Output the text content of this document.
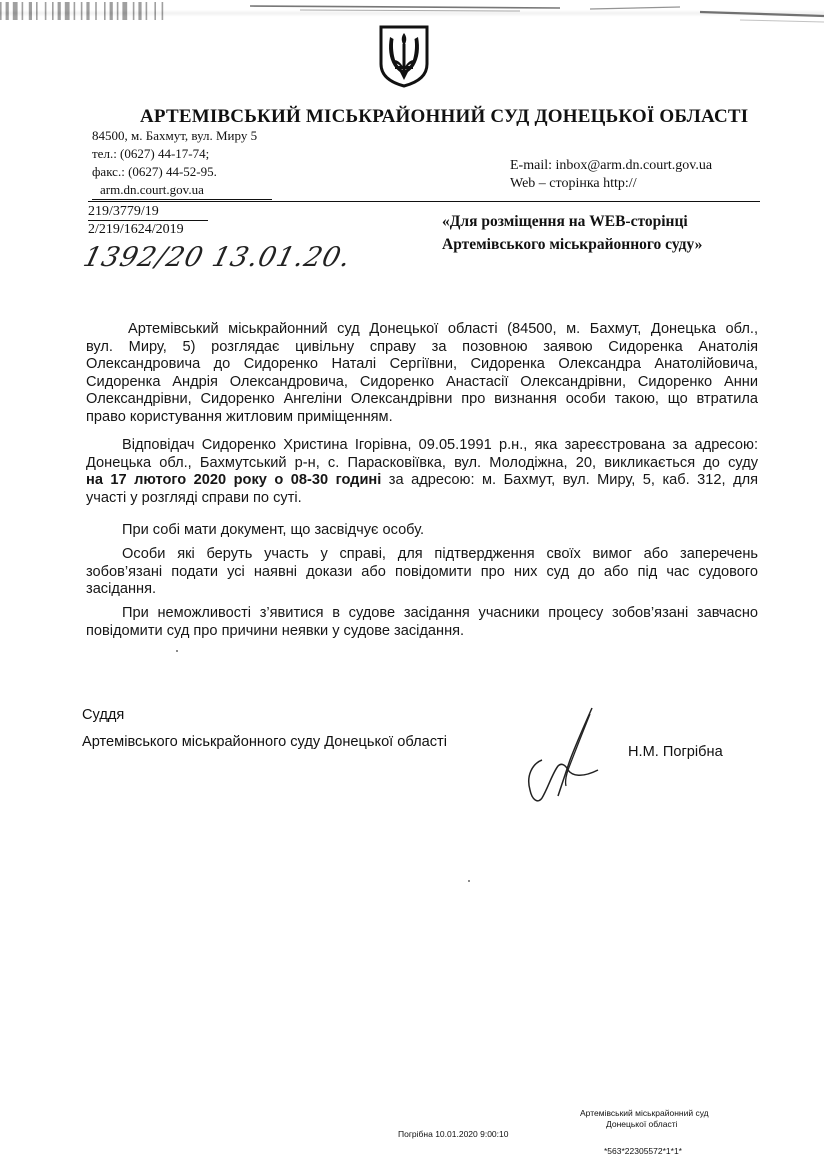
АРТЕМІВСЬКИЙ МІСЬКРАЙОННИЙ СУД ДОНЕЦЬКОЇ ОБЛАСТІ
84500, м. Бахмут, вул. Миру 5
тел.: (0627) 44-17-74;
факс.: (0627) 44-52-95.
arm.dn.court.gov.ua
E-mail: inbox@arm.dn.court.gov.ua
Web – сторінка http://
219/3779/19
2/219/1624/2019
1392/20 13.01.20.
«Для розміщення на WEB-сторінці
Артемівського міськрайонного суду»
Артемівський міськрайонний суд Донецької області (84500, м. Бахмут, Донецька обл.,
вул. Миру, 5) розглядає цивільну справу за позовною заявою Сидоренка Анатолія
Олександровича до Сидоренко Наталі Сергіївни, Сидоренка Олександра Анатолійовича,
Сидоренка Андрія Олександровича, Сидоренко Анастасії Олександрівни, Сидоренко Анни
Олександрівни, Сидоренко Ангеліни Олександрівни про визнання особи такою, що втратила
право користування житловим приміщенням.
Відповідач Сидоренко Христина Ігорівна, 09.05.1991 р.н., яка зареєстрована за адресою:
Донецька обл., Бахмутський р-н, с. Парасковіївка, вул. Молодіжна, 20, викликається до суду
на 17 лютого 2020 року о 08-30 годині за адресою: м. Бахмут, вул. Миру, 5, каб. 312, для
участі у розгляді справи по суті.
При собі мати документ, що засвідчує особу.
Особи які беруть участь у справі, для підтвердження своїх вимог або заперечень
зобов’язані подати усі наявні докази або повідомити про них суд до або під час судового
засідання.
При неможливості з’явитися в судове засідання учасники процесу зобов’язані завчасно
повідомити суд про причини неявки у судове засідання.
Суддя
Артемівського міськрайонного суду Донецької області
Н.М. Погрібна
Артемівський міськрайонний суд
Донецької області
Погрібна 10.01.2020 9:00:10
*563*22305572*1*1*
